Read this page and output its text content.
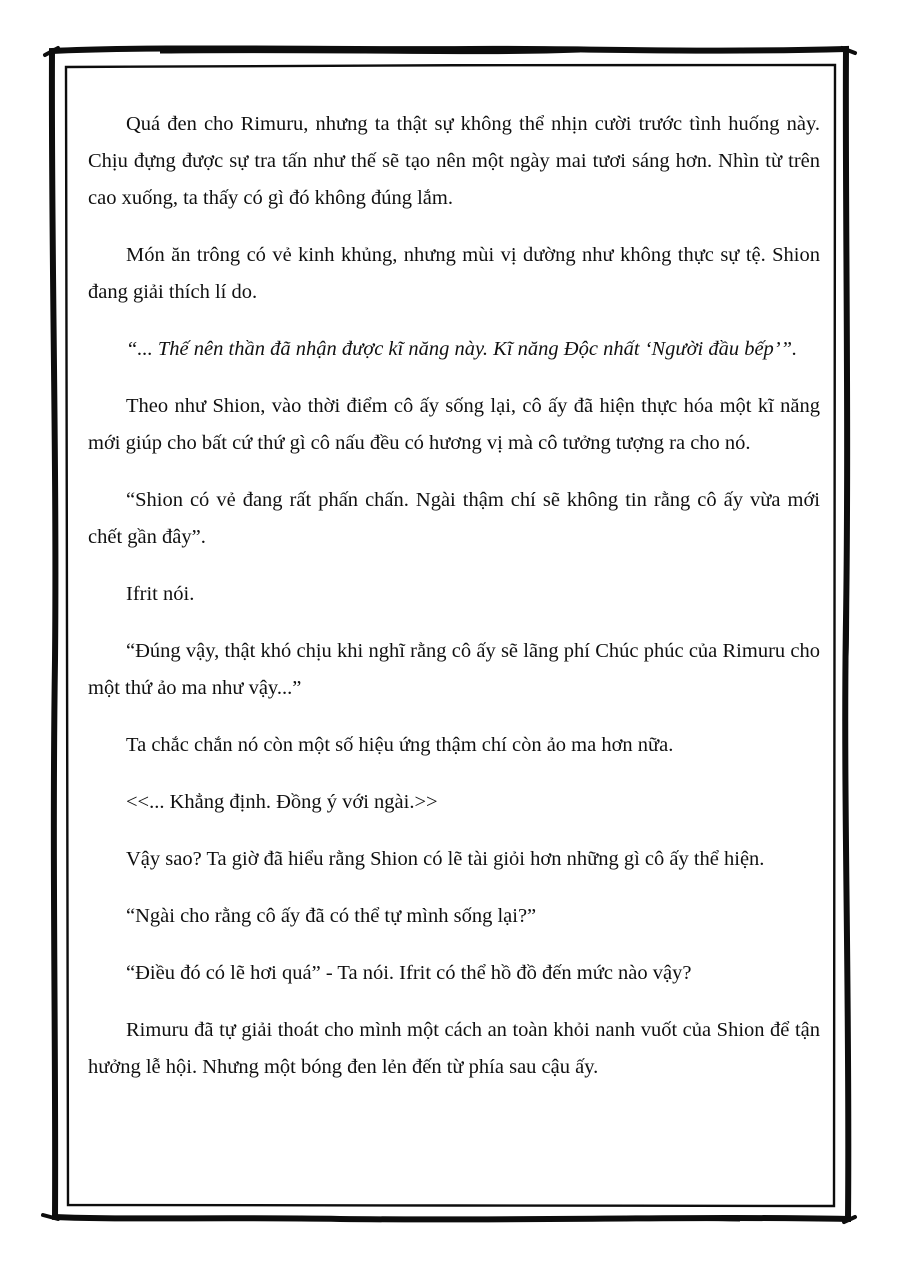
Quá đen cho Rimuru, nhưng ta thật sự không thể nhịn cười trước tình huống này. Chịu đựng được sự tra tấn như thế sẽ tạo nên một ngày mai tươi sáng hơn. Nhìn từ trên cao xuống, ta thấy có gì đó không đúng lắm.

Món ăn trông có vẻ kinh khủng, nhưng mùi vị dường như không thực sự tệ. Shion đang giải thích lí do.

“... Thế nên thần đã nhận được kĩ năng này. Kĩ năng Độc nhất ‘Người đầu bếp’”.

Theo như Shion, vào thời điểm cô ấy sống lại, cô ấy đã hiện thực hóa một kĩ năng mới giúp cho bất cứ thứ gì cô nấu đều có hương vị mà cô tưởng tượng ra cho nó.

“Shion có vẻ đang rất phấn chấn. Ngài thậm chí sẽ không tin rằng cô ấy vừa mới chết gần đây”.

Ifrit nói.

“Đúng vậy, thật khó chịu khi nghĩ rằng cô ấy sẽ lãng phí Chúc phúc của Rimuru cho một thứ ảo ma như vậy...”

Ta chắc chắn nó còn một số hiệu ứng thậm chí còn ảo ma hơn nữa.

<<... Khẳng định. Đồng ý với ngài.>>

Vậy sao? Ta giờ đã hiểu rằng Shion có lẽ tài giỏi hơn những gì cô ấy thể hiện.

“Ngài cho rằng cô ấy đã có thể tự mình sống lại?”

“Điều đó có lẽ hơi quá” - Ta nói. Ifrit có thể hồ đồ đến mức nào vậy?

Rimuru đã tự giải thoát cho mình một cách an toàn khỏi nanh vuốt của Shion để tận hưởng lễ hội. Nhưng một bóng đen lẻn đến từ phía sau cậu ấy.
